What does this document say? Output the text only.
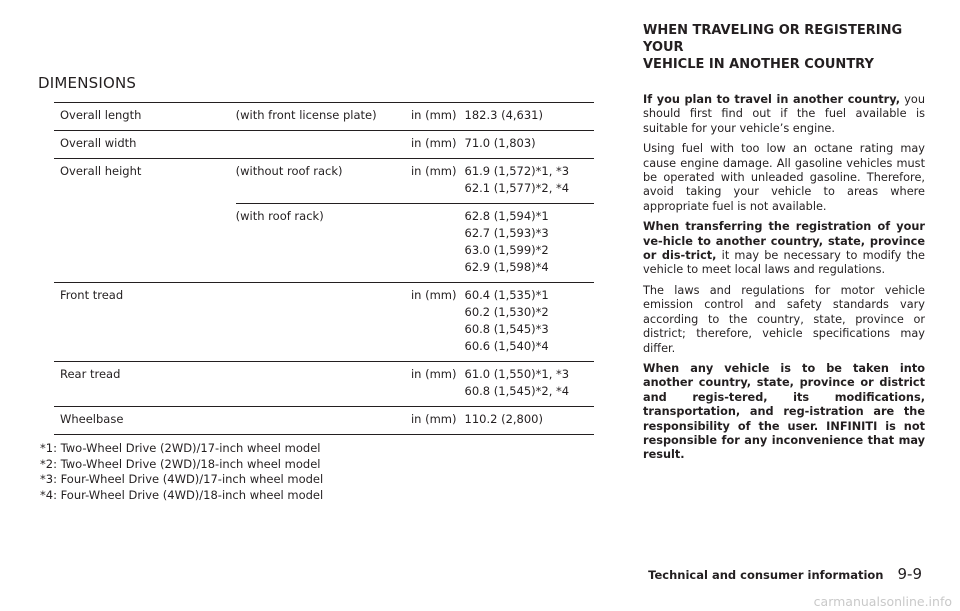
DIMENSIONS
Overall length	(with front license plate)	in (mm)	182.3 (4,631)

Overall width		in (mm)	71.0 (1,803)

Overall height	(without roof rack)	in (mm)	61.9 (1,572)*1, *3
62.1 (1,577)*2, *4

	(with roof rack)		62.8 (1,594)*1
62.7 (1,593)*3
63.0 (1,599)*2
62.9 (1,598)*4

Front tread		in (mm)	60.4 (1,535)*1
60.2 (1,530)*2
60.8 (1,545)*3
60.6 (1,540)*4

Rear tread		in (mm)	61.0 (1,550)*1, *3
60.8 (1,545)*2, *4

Wheelbase		in (mm)	110.2 (2,800)
*1: Two-Wheel Drive (2WD)/17-inch wheel model
*2: Two-Wheel Drive (2WD)/18-inch wheel model
*3: Four-Wheel Drive (4WD)/17-inch wheel model
*4: Four-Wheel Drive (4WD)/18-inch wheel model
WHEN TRAVELING OR REGISTERING YOUR
VEHICLE IN ANOTHER COUNTRY

If you plan to travel in another country, you should first find out if the fuel available is suitable for your vehicle’s engine.

Using fuel with too low an octane rating may cause engine damage. All gasoline vehicles must be operated with unleaded gasoline. Therefore, avoid taking your vehicle to areas where appropriate fuel is not available.

When transferring the registration of your ve-hicle to another country, state, province or dis-trict, it may be necessary to modify the vehicle to meet local laws and regulations.

The laws and regulations for motor vehicle emission control and safety standards vary according to the country, state, province or district; therefore, vehicle specifications may differ.

When any vehicle is to be taken into another country, state, province or district and regis-tered, its modifications, transportation, and reg-istration are the responsibility of the user. INFINITI is not responsible for any inconvenience that may result.

Technical and consumer information 9-9
carmanualsonline.info
